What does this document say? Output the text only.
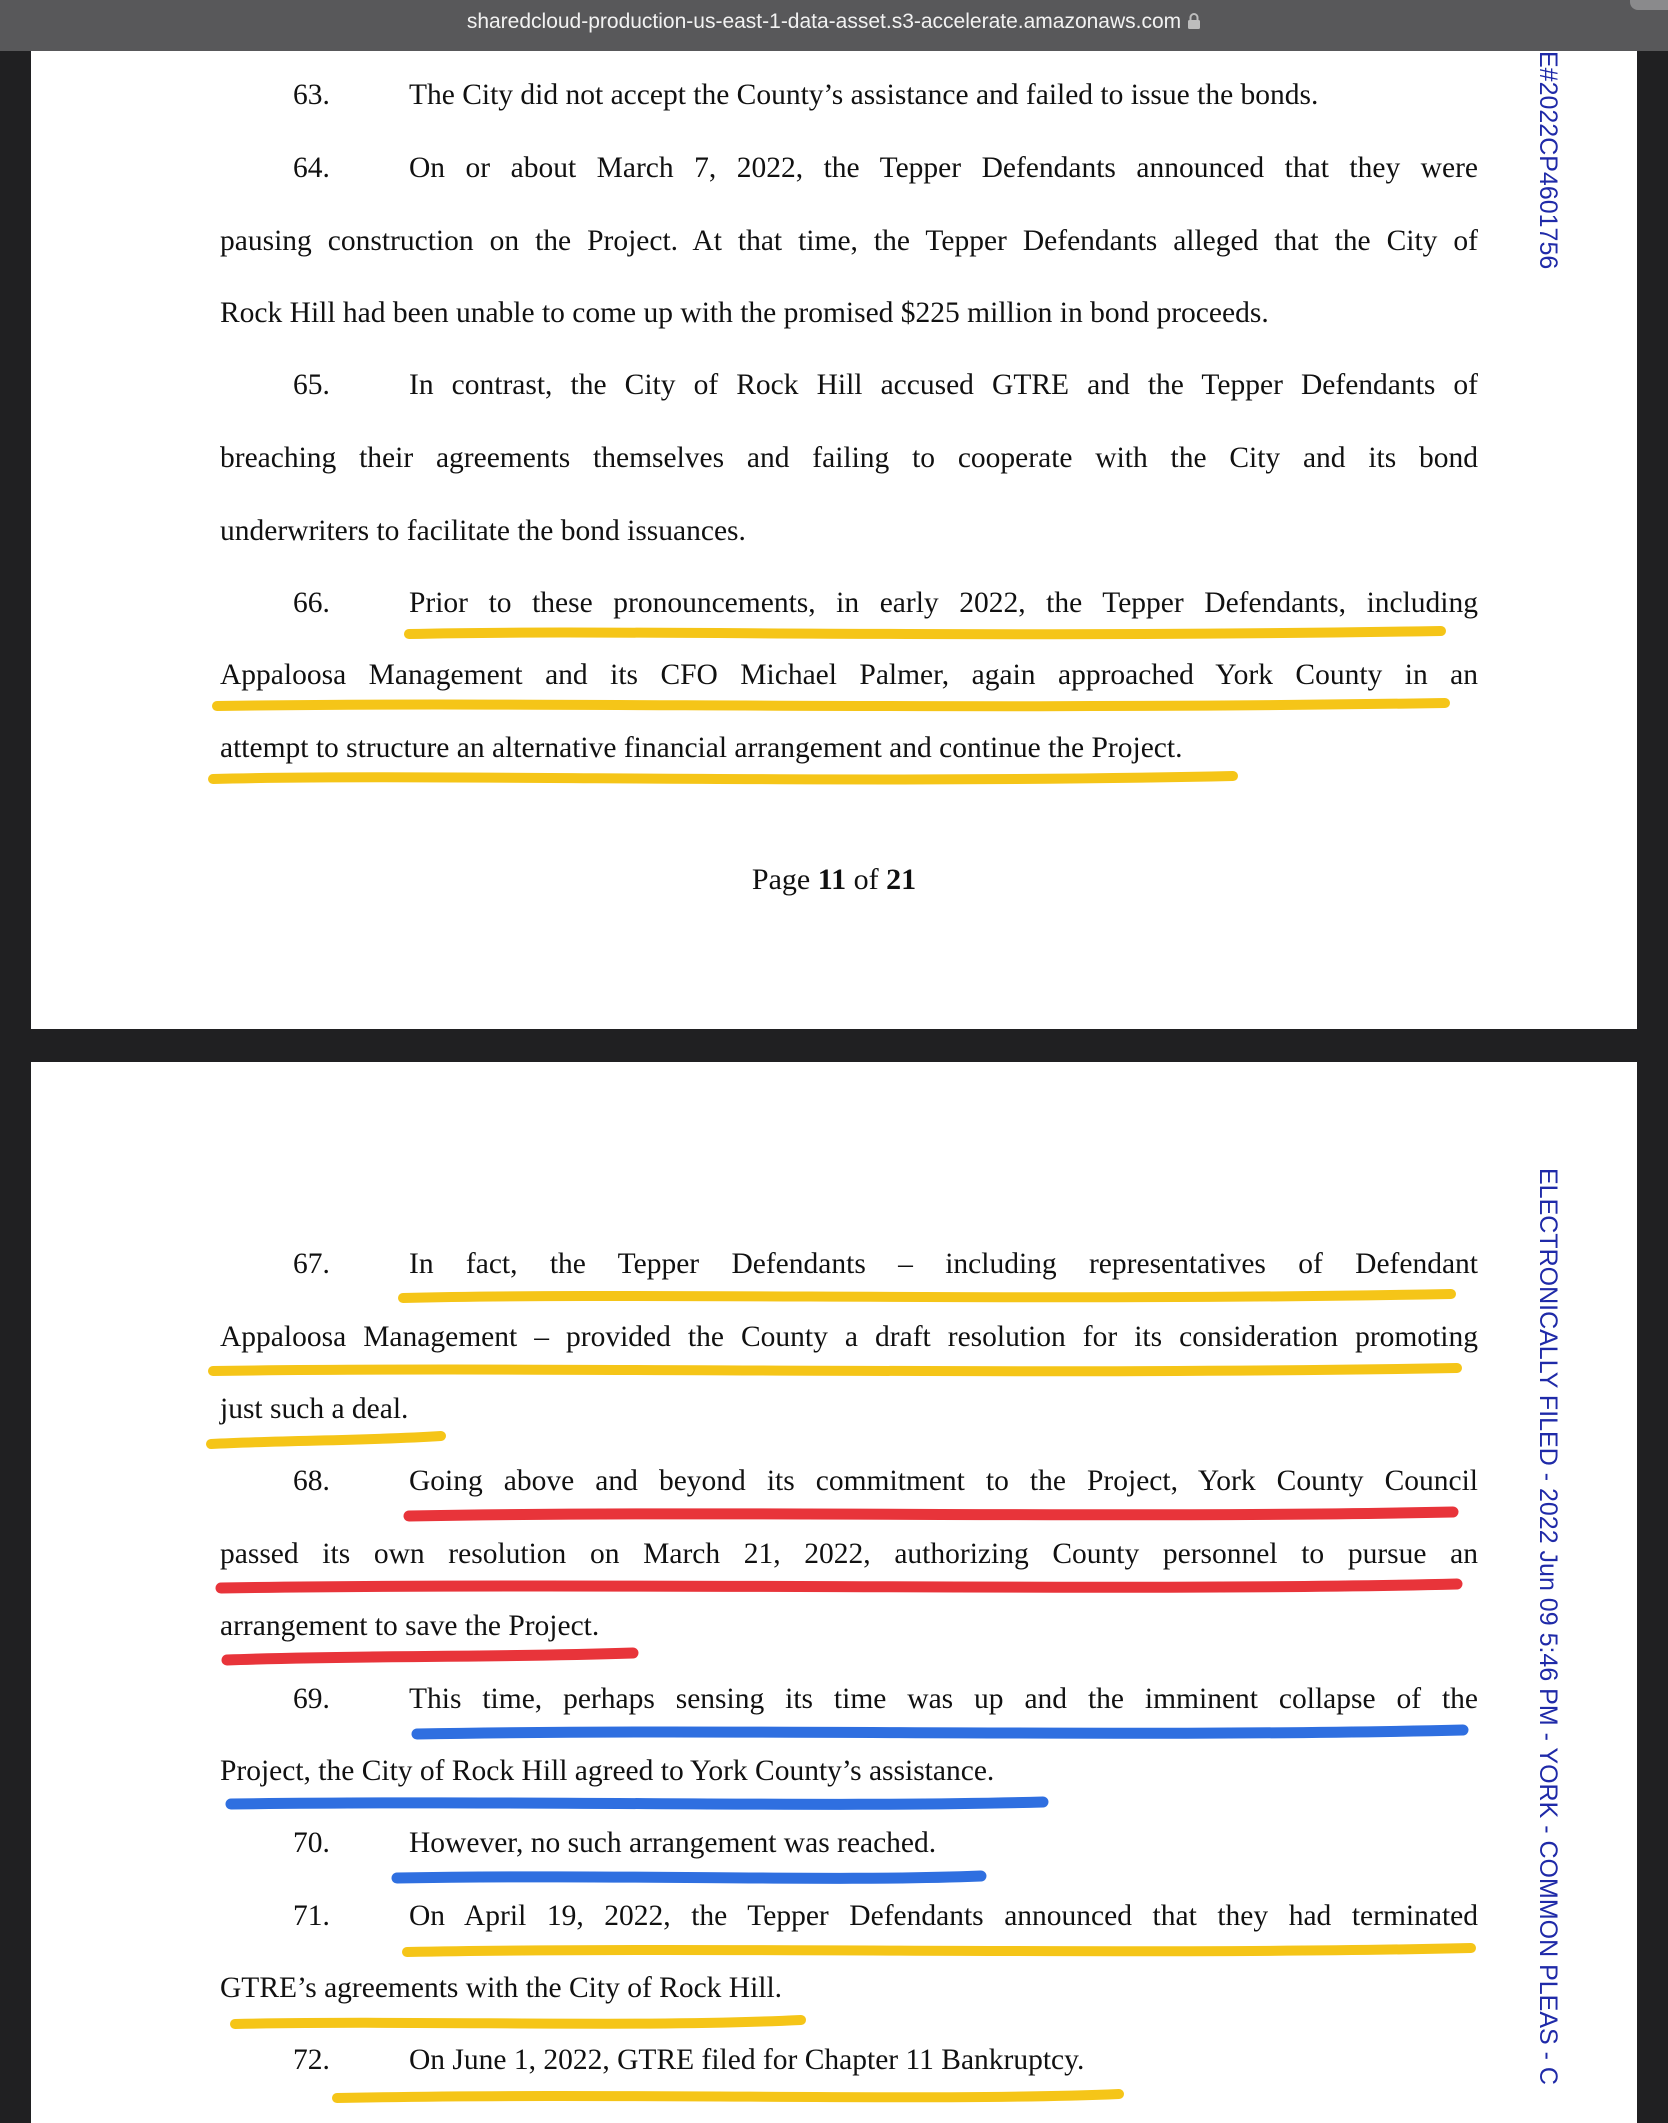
sharedcloud-production-us-east-1-data-asset.s3-accelerate.amazonaws.com
63.	The City did not accept the County’s assistance and failed to issue the bonds.
64.	On or about March 7, 2022, the Tepper Defendants announced that they were
pausing construction on the Project. At that time, the Tepper Defendants alleged that the City of
Rock Hill had been unable to come up with the promised $225 million in bond proceeds.
65.	In contrast, the City of Rock Hill accused GTRE and the Tepper Defendants of
breaching their agreements themselves and failing to cooperate with the City and its bond
underwriters to facilitate the bond issuances.
66.	Prior to these pronouncements, in early 2022, the Tepper Defendants, including
Appaloosa Management and its CFO Michael Palmer, again approached York County in an
attempt to structure an alternative financial arrangement and continue the Project.
Page 11 of 21
E#2022CP4601756
67.	In fact, the Tepper Defendants – including representatives of Defendant
Appaloosa Management – provided the County a draft resolution for its consideration promoting
just such a deal.
68.	Going above and beyond its commitment to the Project, York County Council
passed its own resolution on March 21, 2022, authorizing County personnel to pursue an
arrangement to save the Project.
69.	This time, perhaps sensing its time was up and the imminent collapse of the
Project, the City of Rock Hill agreed to York County’s assistance.
70.	However, no such arrangement was reached.
71.	On April 19, 2022, the Tepper Defendants announced that they had terminated
GTRE’s agreements with the City of Rock Hill.
72.	On June 1, 2022, GTRE filed for Chapter 11 Bankruptcy.	ELECTRONICALLY FILED - 2022 Jun 09 5:46 PM - YORK - COMMON PLEAS - C
